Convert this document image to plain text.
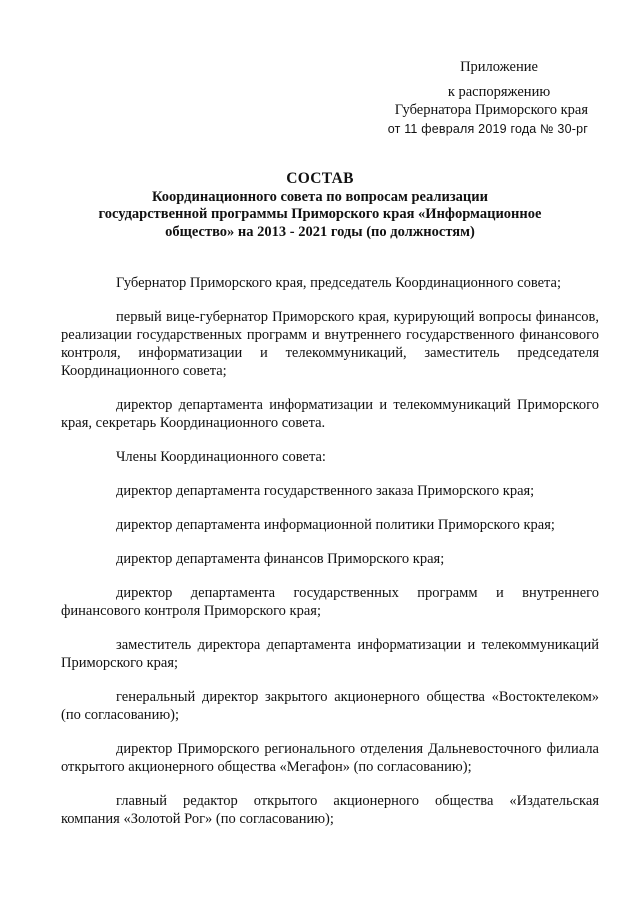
Приложение
к распоряжению
Губернатора Приморского края
от 11 февраля 2019 года № 30-рг
СОСТАВ
Координационного совета по вопросам реализации
государственной программы Приморского края «Информационное
общество» на 2013 - 2021 годы (по должностям)

Губернатор Приморского края, председатель Координационного совета;

первый вице-губернатор Приморского края, курирующий вопросы финансов, реализации государственных программ и внутреннего государственного финансового контроля, информатизации и телекоммуникаций, заместитель председателя Координационного совета;

директор департамента информатизации и телекоммуникаций Приморского края, секретарь Координационного совета.

Члены Координационного совета:

директор департамента государственного заказа Приморского края;

директор департамента информационной политики Приморского края;

директор департамента финансов Приморского края;

директор департамента государственных программ и внутреннего финансового контроля Приморского края;

заместитель директора департамента информатизации и телекоммуникаций Приморского края;

генеральный директор закрытого акционерного общества «Востоктелеком» (по согласованию);

директор Приморского регионального отделения Дальневосточного филиала открытого акционерного общества «Мегафон» (по согласованию);

главный редактор открытого акционерного общества «Издательская компания «Золотой Рог» (по согласованию);
